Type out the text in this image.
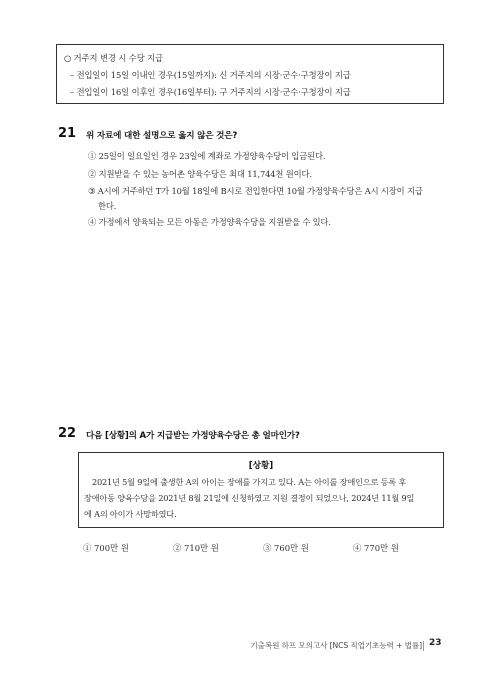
○ 거주지 변경 시 수당 지급
– 전입일이 15일 이내인 경우(15일까지): 신 거주지의 시장·군수·구청장이 지급
– 전입일이 16일 이후인 경우(16일부터): 구 거주지의 시장·군수·구청장이 지급
21 위 자료에 대한 설명으로 옳지 않은 것은?
① 25일이 일요일인 경우 23일에 계좌로 가정양육수당이 입금된다.
② 지원받을 수 있는 농어촌 양육수당은 최대 11,744천 원이다.
③ A시에 거주하던 T가 10월 18일에 B시로 전입한다면 10월 가정양육수당은 A시 시장이 지급
한다.
④ 가정에서 양육되는 모든 아동은 가정양육수당을 지원받을 수 있다.
22 다음 [상황]의 A가 지급받는 가정양육수당은 총 얼마인가?
[상황]
2021년 5월 9일에 출생한 A의 아이는 장애를 가지고 있다. A는 아이를 장애인으로 등록 후
장애아동 양육수당을 2021년 8월 21일에 신청하였고 지원 결정이 되었으나, 2024년 11월 9일
에 A의 아이가 사망하였다.
① 700만 원	② 710만 원	③ 760만 원	④ 770만 원
기출복원 하프 모의고사 [NCS 직업기초능력 + 법률] 23
